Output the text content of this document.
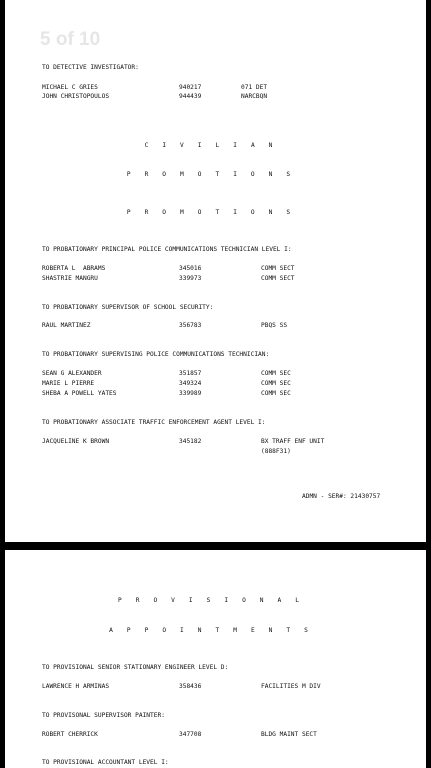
5 of 10
TO DETECTIVE INVESTIGATOR:
MICHAEL C GRIES	940217	071 DET
JOHN CHRISTOPOULOS	944439	NARCBQN
CIVILIAN
PROMOTIONS
PROMOTIONS
TO PROBATIONARY PRINCIPAL POLICE COMMUNICATIONS TECHNICIAN LEVEL I:
ROBERTA L  ABRAMS	345016	COMM SECT
SHASTRIE MANGRU	339973	COMM SECT
TO PROBATIONARY SUPERVISOR OF SCHOOL SECURITY:
RAUL MARTINEZ	356783	PBQS SS
TO PROBATIONARY SUPERVISING POLICE COMMUNICATIONS TECHNICIAN:
SEAN G ALEXANDER	351857	COMM SEC
MARIE L PIERRE	349324	COMM SEC
SHEBA A POWELL YATES	339989	COMM SEC
TO PROBATIONARY ASSOCIATE TRAFFIC ENFORCEMENT AGENT LEVEL I:
JACQUELINE K BROWN	345182	BX TRAFF ENF UNIT
(888F31)
ADMN - SER#: 21430757
PROVISIONAL
APPOINTMENTS
TO PROVISIONAL SENIOR STATIONARY ENGINEER LEVEL D:
LAWRENCE H ARMINAS	358436	FACILITIES M DIV
TO PROVISONAL SUPERVISOR PAINTER:
ROBERT CHERRICK	347708	BLDG MAINT SECT
TO PROVISIONAL ACCOUNTANT LEVEL I:
